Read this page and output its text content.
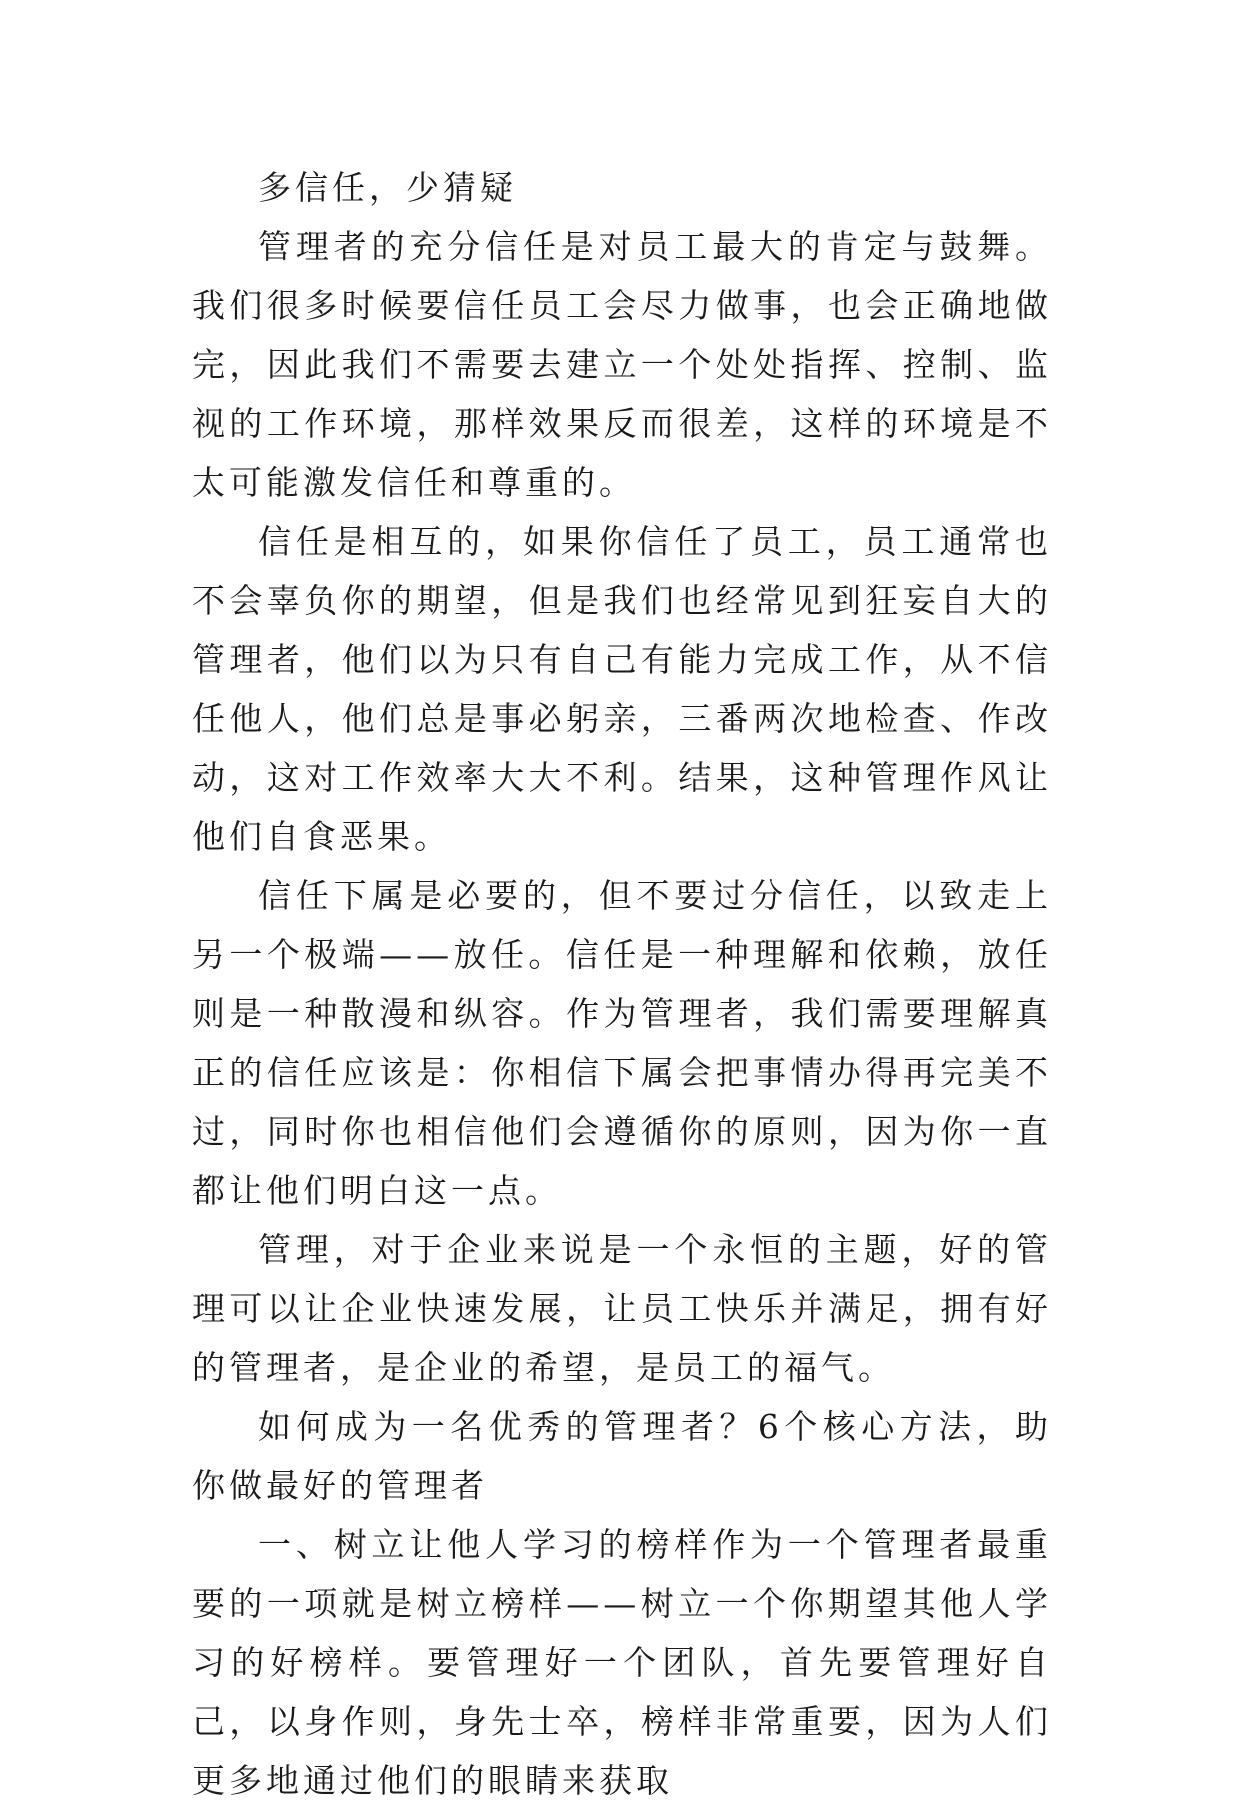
多信任，少猜疑

管理者的充分信任是对员工最大的肯定与鼓舞。我们很多时候要信任员工会尽力做事，也会正确地做完，因此我们不需要去建立一个处处指挥、控制、监视的工作环境，那样效果反而很差，这样的环境是不太可能激发信任和尊重的。

信任是相互的，如果你信任了员工，员工通常也不会辜负你的期望，但是我们也经常见到狂妄自大的管理者，他们以为只有自己有能力完成工作，从不信任他人，他们总是事必躬亲，三番两次地检查、作改动，这对工作效率大大不利。结果，这种管理作风让他们自食恶果。

信任下属是必要的，但不要过分信任，以致走上另一个极端——放任。信任是一种理解和依赖，放任则是一种散漫和纵容。作为管理者，我们需要理解真正的信任应该是：你相信下属会把事情办得再完美不过，同时你也相信他们会遵循你的原则，因为你一直都让他们明白这一点。

管理，对于企业来说是一个永恒的主题，好的管理可以让企业快速发展，让员工快乐并满足，拥有好的管理者，是企业的希望，是员工的福气。

如何成为一名优秀的管理者？6个核心方法，助你做最好的管理者

一、树立让他人学习的榜样作为一个管理者最重要的一项就是树立榜样——树立一个你期望其他人学习的好榜样。要管理好一个团队，首先要管理好自己，以身作则，身先士卒，榜样非常重要，因为人们更多地通过他们的眼睛来获取
